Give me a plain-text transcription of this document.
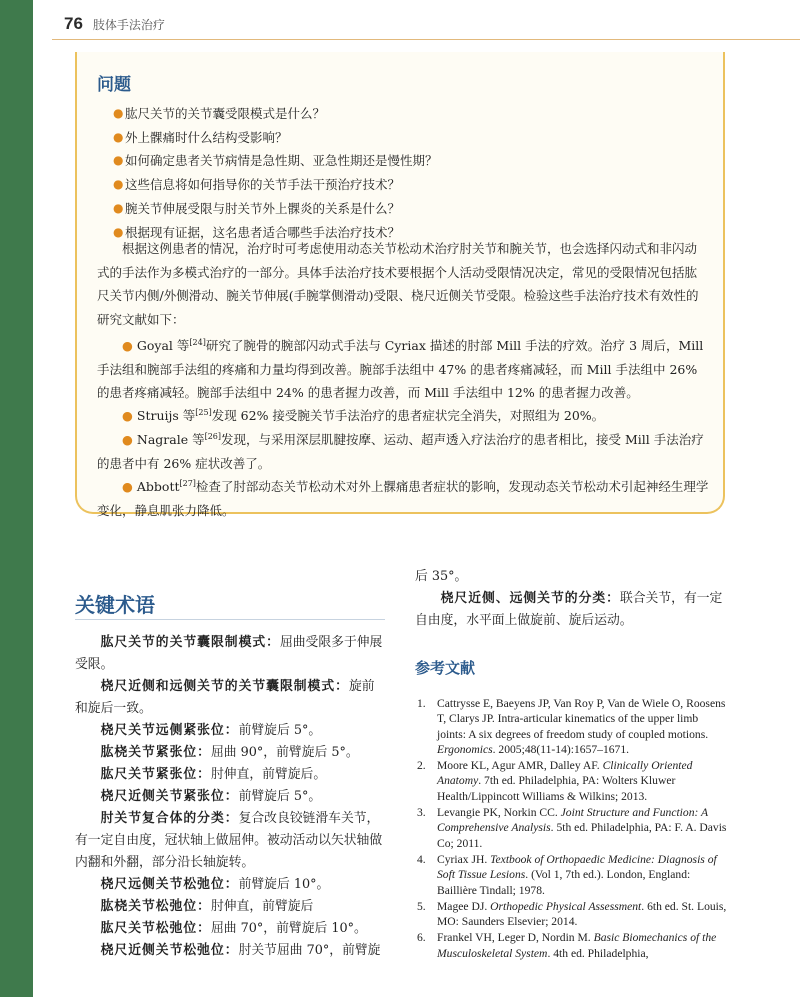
76 肢体手法治疗
问题
● 肱尺关节的关节囊受限模式是什么？
● 外上髁痛时什么结构受影响？
● 如何确定患者关节病情是急性期、亚急性期还是慢性期？
● 这些信息将如何指导你的关节手法干预治疗技术？
● 腕关节伸展受限与肘关节外上髁炎的关系是什么？
● 根据现有证据，这名患者适合哪些手法治疗技术？
根据这例患者的情况，治疗时可考虑使用动态关节松动术治疗肘关节和腕关节，也会选择闪动式和非闪动式的手法作为多模式治疗的一部分。具体手法治疗技术要根据个人活动受限情况决定，常见的受限情况包括肱尺关节内侧/外侧滑动、腕关节伸展(手腕掌侧滑动)受限、桡尺近侧关节受限。检验这些手法治疗技术有效性的研究文献如下：
● Goyal 等[24]研究了腕骨的腕部闪动式手法与 Cyriax 描述的肘部 Mill 手法的疗效。治疗 3 周后，Mill 手法组和腕部手法组的疼痛和力量均得到改善。腕部手法组中 47% 的患者疼痛减轻，而 Mill 手法组中 26% 的患者疼痛减轻。腕部手法组中 24% 的患者握力改善，而 Mill 手法组中 12% 的患者握力改善。
● Struijs 等[25]发现 62% 接受腕关节手法治疗的患者症状完全消失，对照组为 20%。
● Nagrale 等[26]发现，与采用深层肌腱按摩、运动、超声透入疗法治疗的患者相比，接受 Mill 手法治疗的患者中有 26% 症状改善了。
● Abbott[27]检查了肘部动态关节松动术对外上髁痛患者症状的影响，发现动态关节松动术引起神经生理学变化，静息肌张力降低。
关键术语

肱尺关节的关节囊限制模式：屈曲受限多于伸展受限。

桡尺近侧和远侧关节的关节囊限制模式：旋前和旋后一致。

桡尺关节远侧紧张位：前臂旋后 5°。

肱桡关节紧张位：屈曲 90°，前臂旋后 5°。

肱尺关节紧张位：肘伸直，前臂旋后。

桡尺近侧关节紧张位：前臂旋后 5°。

肘关节复合体的分类：复合改良铰链滑车关节，有一定自由度，冠状轴上做屈伸。被动活动以矢状轴做内翻和外翻，部分沿长轴旋转。

桡尺远侧关节松弛位：前臂旋后 10°。

肱桡关节松弛位：肘伸直，前臂旋后

肱尺关节松弛位：屈曲 70°，前臂旋后 10°。

桡尺近侧关节松弛位：肘关节屈曲 70°，前臂旋

后 35°。

桡尺近侧、远侧关节的分类：联合关节，有一定自由度，水平面上做旋前、旋后运动。

参考文献
1. Cattrysse E, Baeyens JP, Van Roy P, Van de Wiele O, Roosens T, Clarys JP. Intra-articular kinematics of the upper limb joints: A six degrees of freedom study of coupled motions. Ergonomics. 2005;48(11-14):1657–1671.
2. Moore KL, Agur AMR, Dalley AF. Clinically Oriented Anatomy. 7th ed. Philadelphia, PA: Wolters Kluwer Health/Lippincott Williams & Wilkins; 2013.
3. Levangie PK, Norkin CC. Joint Structure and Function: A Comprehensive Analysis. 5th ed. Philadelphia, PA: F. A. Davis Co; 2011.
4. Cyriax JH. Textbook of Orthopaedic Medicine: Diagnosis of Soft Tissue Lesions. (Vol 1, 7th ed.). London, England: Baillière Tindall; 1978.
5. Magee DJ. Orthopedic Physical Assessment. 6th ed. St. Louis, MO: Saunders Elsevier; 2014.
6. Frankel VH, Leger D, Nordin M. Basic Biomechanics of the Musculoskeletal System. 4th ed. Philadelphia,
